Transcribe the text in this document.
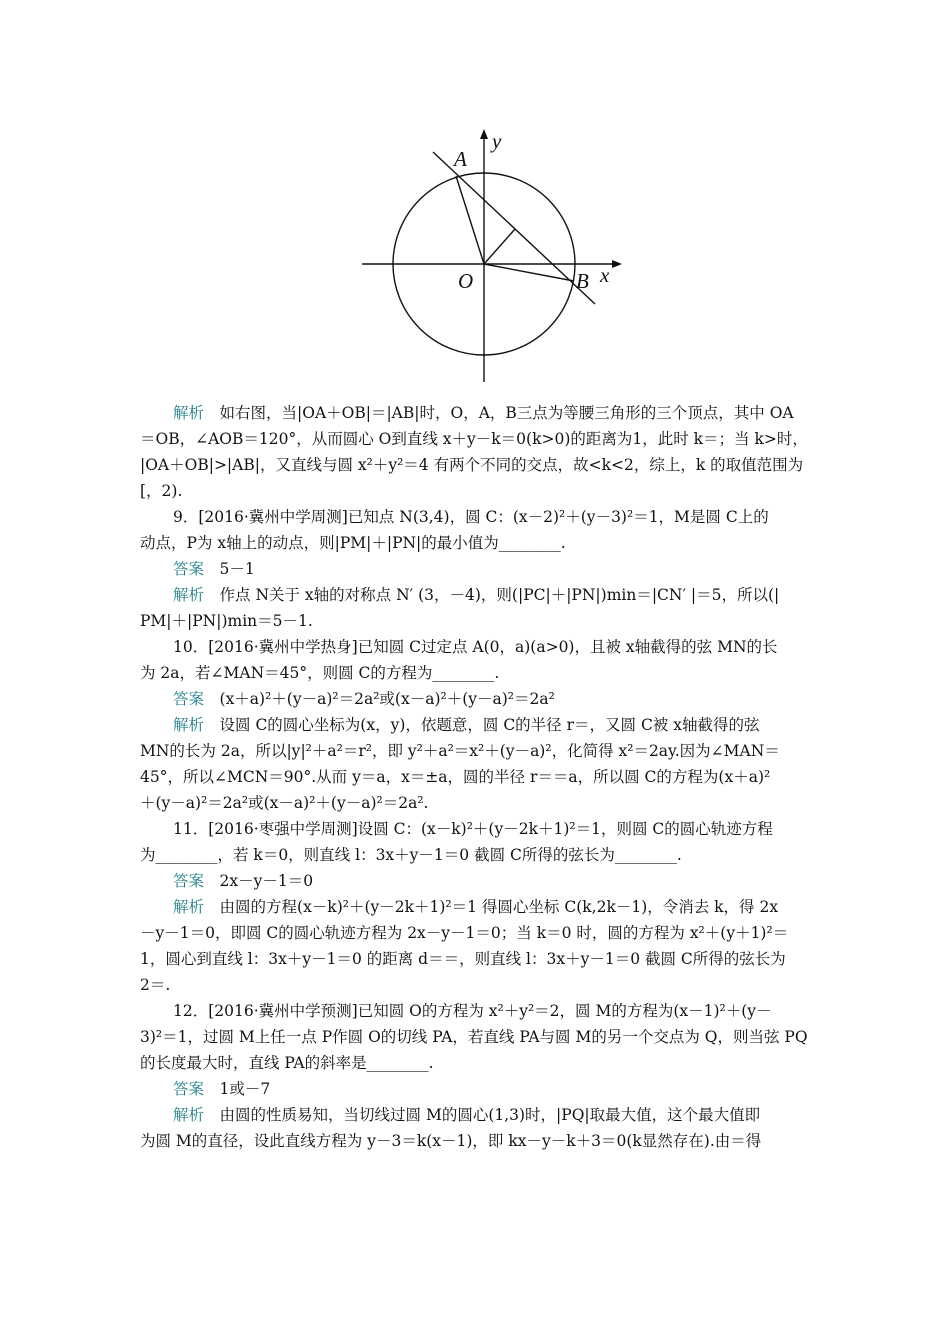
A
B
O	x
y
解析　如右图，当|OA＋OB|＝|AB|时，O，A，B三点为等腰三角形的三个顶点，其中 OA
＝OB，∠AOB＝120°，从而圆心 O到直线 x＋y－k＝0(k>0)的距离为1，此时 k＝；当 k>时，
|OA＋OB|>|AB|，又直线与圆 x²＋y²＝4 有两个不同的交点，故<k<2，综上，k 的取值范围为
[，2).
9．[2016·冀州中学周测]已知点 N(3,4)，圆 C：(x－2)²＋(y－3)²＝1，M是圆 C上的
动点，P为 x轴上的动点，则|PM|＋|PN|的最小值为________.
答案　5－1
解析　作点 N关于 x轴的对称点 N′ (3，－4)，则(|PC|＋|PN|)min＝|CN′ |＝5，所以(|
PM|＋|PN|)min＝5－1.
10．[2016·冀州中学热身]已知圆 C过定点 A(0，a)(a>0)，且被 x轴截得的弦 MN的长
为 2a，若∠MAN＝45°，则圆 C的方程为________.
答案　(x＋a)²＋(y－a)²＝2a²或(x－a)²＋(y－a)²＝2a²
解析　设圆 C的圆心坐标为(x，y)，依题意，圆 C的半径 r＝，又圆 C被 x轴截得的弦
MN的长为 2a，所以|y|²＋a²＝r²，即 y²＋a²＝x²＋(y－a)²，化简得 x²＝2ay.因为∠MAN＝
45°，所以∠MCN＝90°.从而 y＝a，x＝±a，圆的半径 r＝＝a，所以圆 C的方程为(x＋a)²
＋(y－a)²＝2a²或(x－a)²＋(y－a)²＝2a².
11．[2016·枣强中学周测]设圆 C：(x－k)²＋(y－2k＋1)²＝1，则圆 C的圆心轨迹方程
为________，若 k＝0，则直线 l：3x＋y－1＝0 截圆 C所得的弦长为________.
答案　2x－y－1＝0
解析　由圆的方程(x－k)²＋(y－2k＋1)²＝1 得圆心坐标 C(k,2k－1)，令消去 k，得 2x
－y－1＝0，即圆 C的圆心轨迹方程为 2x－y－1＝0；当 k＝0 时，圆的方程为 x²＋(y＋1)²＝
1，圆心到直线 l：3x＋y－1＝0 的距离 d＝＝，则直线 l：3x＋y－1＝0 截圆 C所得的弦长为
2＝.
12．[2016·冀州中学预测]已知圆 O的方程为 x²＋y²＝2，圆 M的方程为(x－1)²＋(y－
3)²＝1，过圆 M上任一点 P作圆 O的切线 PA，若直线 PA与圆 M的另一个交点为 Q，则当弦 PQ
的长度最大时，直线 PA的斜率是________.
答案　1或－7
解析　由圆的性质易知，当切线过圆 M的圆心(1,3)时，|PQ|取最大值，这个最大值即
为圆 M的直径，设此直线方程为 y－3＝k(x－1)，即 kx－y－k＋3＝0(k显然存在).由＝得
